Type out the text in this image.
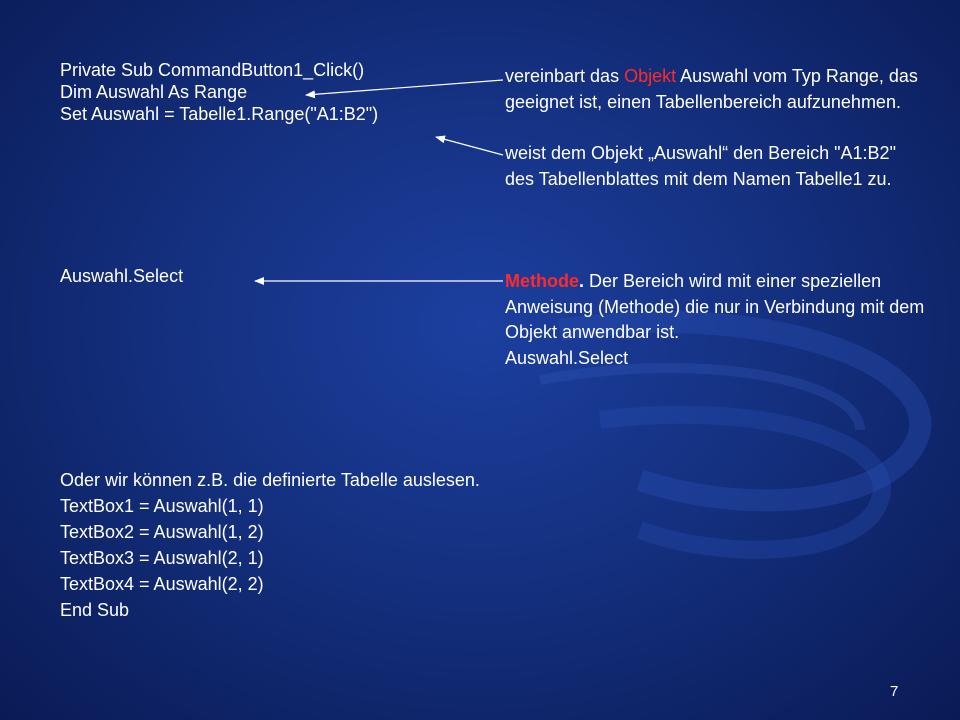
Private Sub CommandButton1_Click()
Dim Auswahl As Range
Set Auswahl = Tabelle1.Range("A1:B2")
vereinbart das Objekt Auswahl vom Typ Range, das geeignet ist, einen Tabellenbereich aufzunehmen.
weist dem Objekt „Auswahl“ den Bereich "A1:B2" des Tabellenblattes mit dem Namen Tabelle1 zu.
Auswahl.Select	Methode. Der Bereich wird mit einer speziellen Anweisung (Methode) die nur in Verbindung mit dem Objekt anwendbar ist.
Auswahl.Select
Oder wir können z.B. die definierte Tabelle auslesen.
TextBox1 = Auswahl(1, 1)
TextBox2 = Auswahl(1, 2)
TextBox3 = Auswahl(2, 1)
TextBox4 = Auswahl(2, 2)
End Sub
7
